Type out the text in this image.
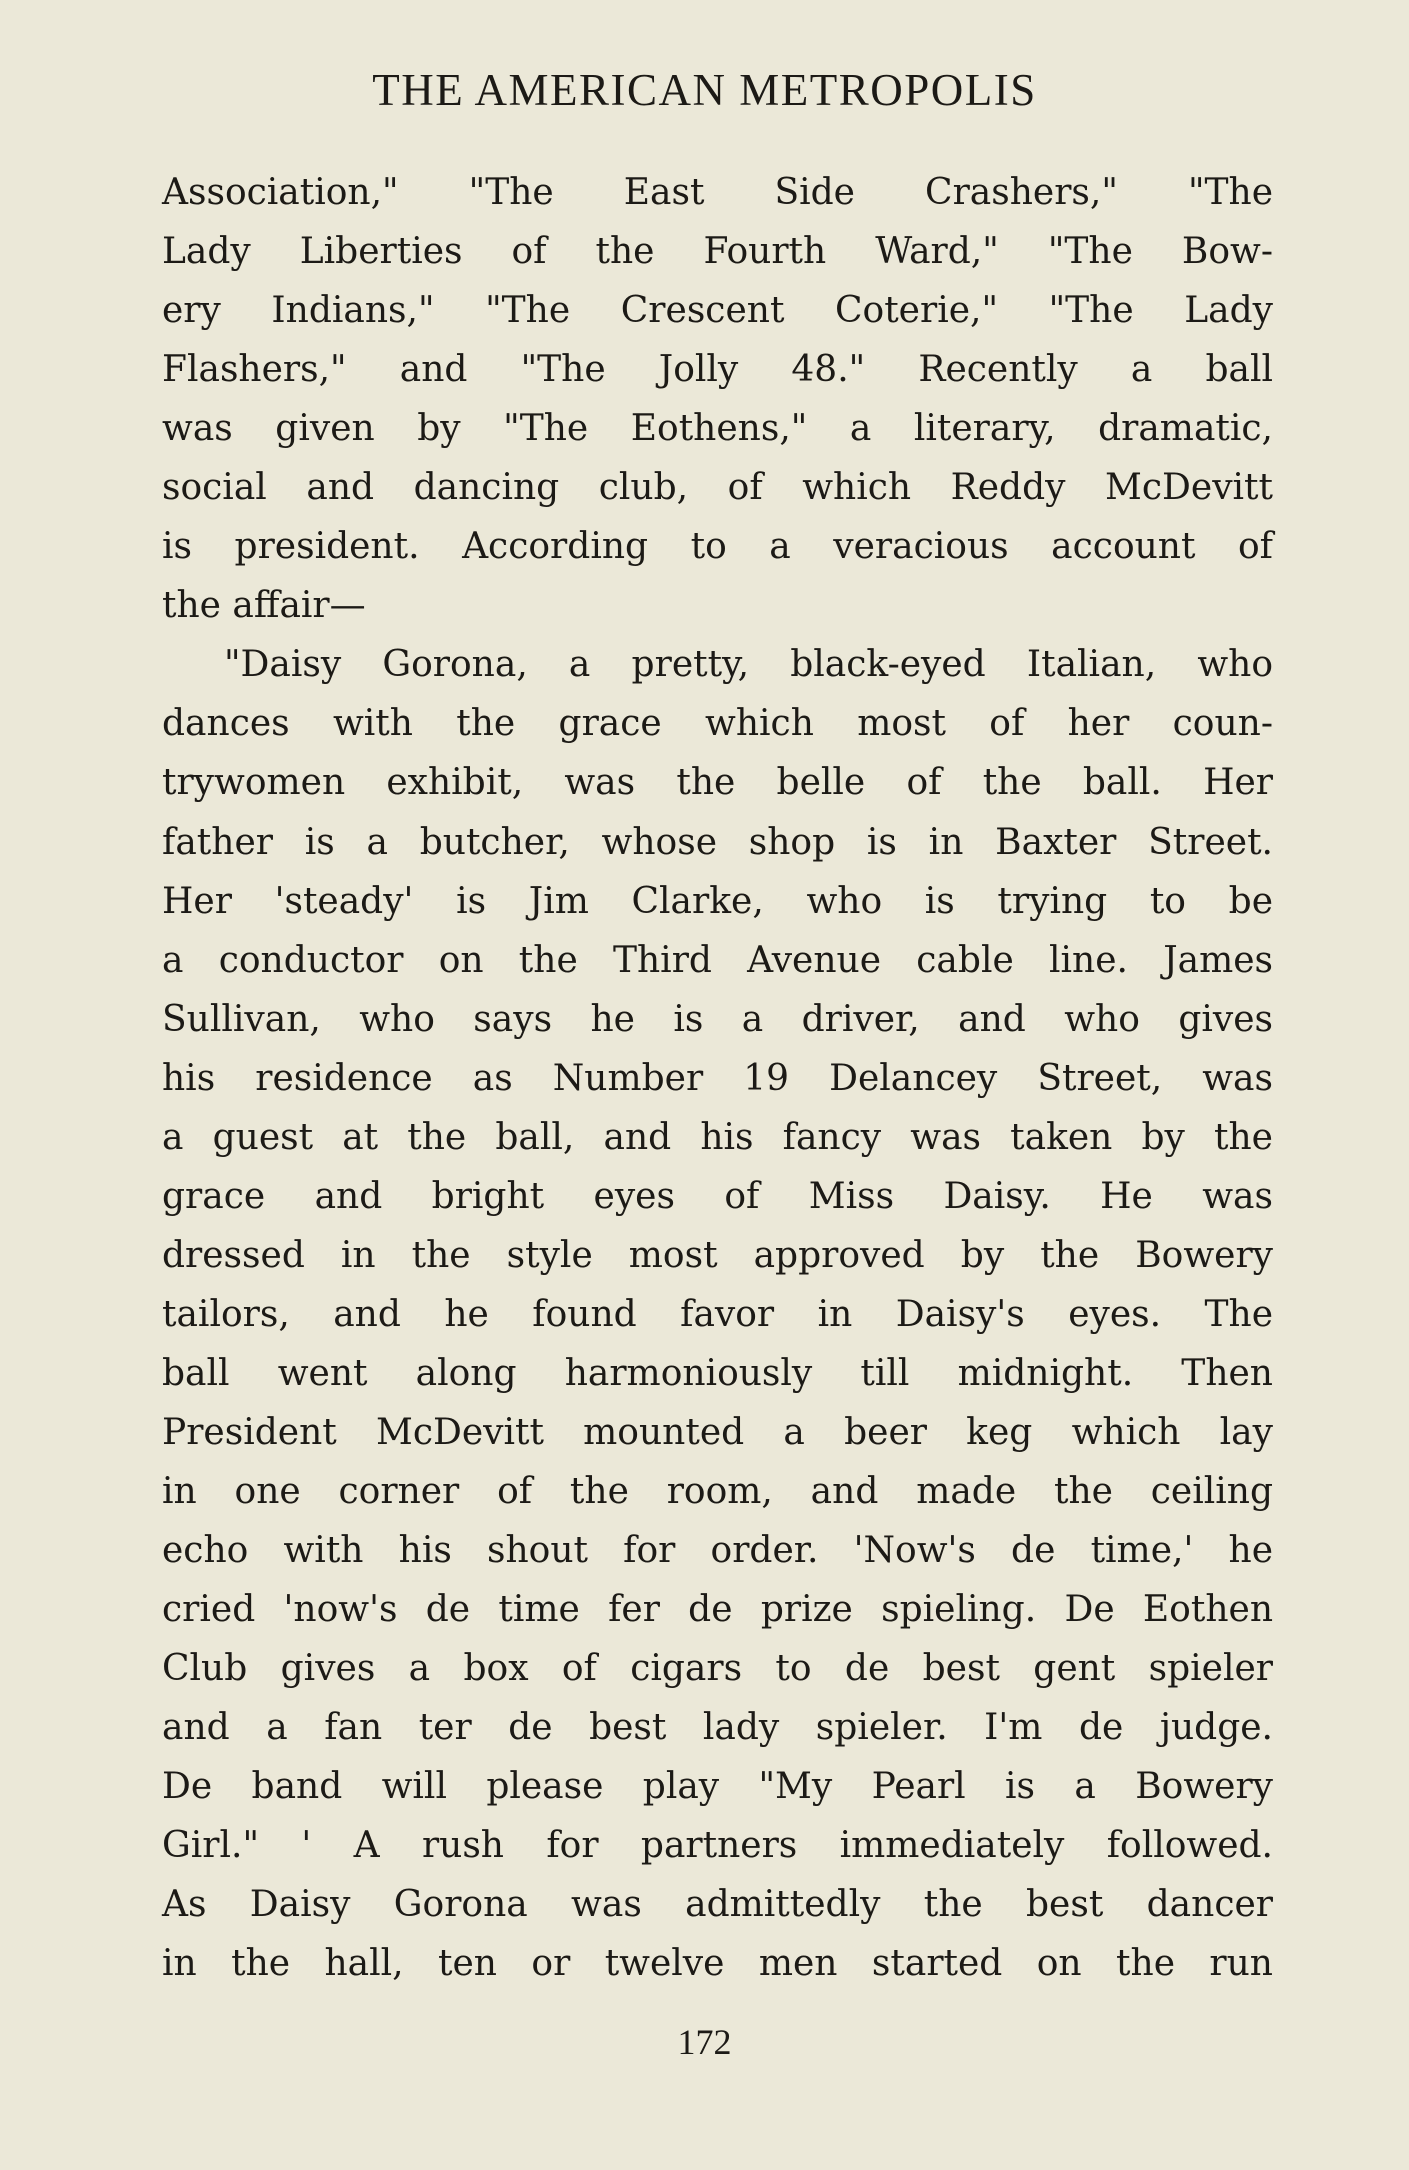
THE AMERICAN METROPOLIS
Association," "The East Side Crashers," "The
Lady Liberties of the Fourth Ward," "The Bow-
ery Indians," "The Crescent Coterie," "The Lady
Flashers," and "The Jolly 48." Recently a ball
was given by "The Eothens," a literary, dramatic,
social and dancing club, of which Reddy McDevitt
is president. According to a veracious account of
the affair—
"Daisy Gorona, a pretty, black-eyed Italian, who
dances with the grace which most of her coun-
trywomen exhibit, was the belle of the ball. Her
father is a butcher, whose shop is in Baxter Street.
Her 'steady' is Jim Clarke, who is trying to be
a conductor on the Third Avenue cable line. James
Sullivan, who says he is a driver, and who gives
his residence as Number 19 Delancey Street, was
a guest at the ball, and his fancy was taken by the
grace and bright eyes of Miss Daisy. He was
dressed in the style most approved by the Bowery
tailors, and he found favor in Daisy's eyes. The
ball went along harmoniously till midnight. Then
President McDevitt mounted a beer keg which lay
in one corner of the room, and made the ceiling
echo with his shout for order. 'Now's de time,' he
cried 'now's de time fer de prize spieling. De Eothen
Club gives a box of cigars to de best gent spieler
and a fan ter de best lady spieler. I'm de judge.
De band will please play "My Pearl is a Bowery
Girl." ' A rush for partners immediately followed.
As Daisy Gorona was admittedly the best dancer
in the hall, ten or twelve men started on the run
172
